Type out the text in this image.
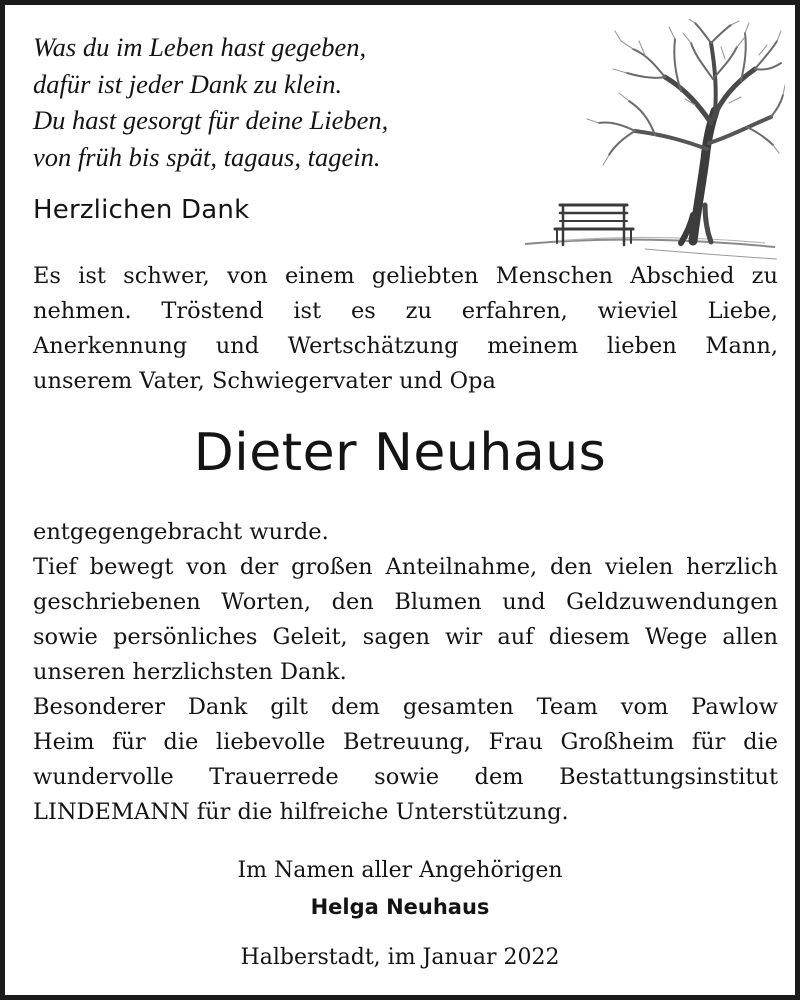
Was du im Leben hast gegeben,
dafür ist jeder Dank zu klein.
Du hast gesorgt für deine Lieben,
von früh bis spät, tagaus, tagein.
Herzlichen Dank
Es ist schwer, von einem geliebten Menschen Abschied zu
nehmen. Tröstend ist es zu erfahren, wieviel Liebe,
Anerkennung und Wertschätzung meinem lieben Mann,
unserem Vater, Schwiegervater und Opa
Dieter Neuhaus
entgegengebracht wurde.
Tief bewegt von der großen Anteilnahme, den vielen herzlich
geschriebenen Worten, den Blumen und Geldzuwendungen
sowie persönliches Geleit, sagen wir auf diesem Wege allen
unseren herzlichsten Dank.
Besonderer Dank gilt dem gesamten Team vom Pawlow
Heim für die liebevolle Betreuung, Frau Großheim für die
wundervolle Trauerrede sowie dem Bestattungsinstitut
LINDEMANN für die hilfreiche Unterstützung.
Im Namen aller Angehörigen
Helga Neuhaus
Halberstadt, im Januar 2022
